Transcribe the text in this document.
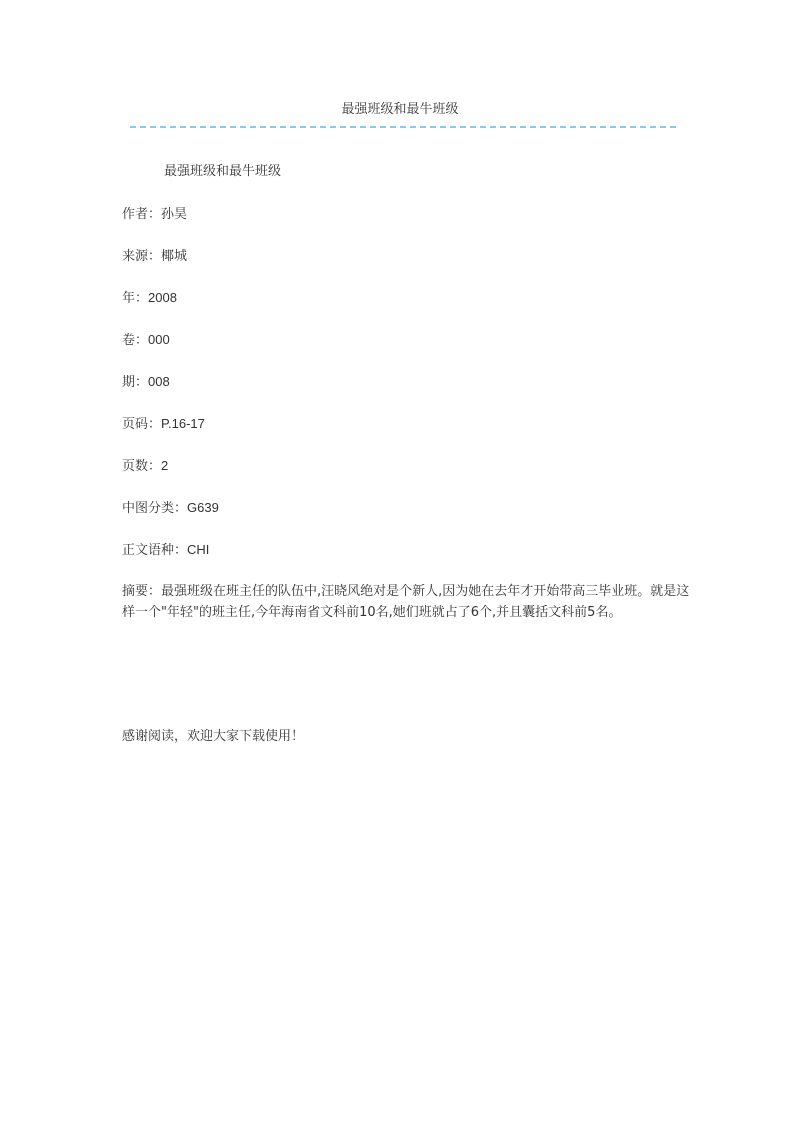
最强班级和最牛班级
最强班级和最牛班级
作者：孙昊
来源：椰城
年：2008
卷：000
期：008
页码：P.16-17
页数：2
中图分类：G639
正文语种：CHI
摘要：最强班级在班主任的队伍中,汪晓风绝对是个新人,因为她在去年才开始带高三毕业班。就是这样一个"年轻"的班主任,今年海南省文科前10名,她们班就占了6个,并且囊括文科前5名。
感谢阅读，欢迎大家下载使用！
